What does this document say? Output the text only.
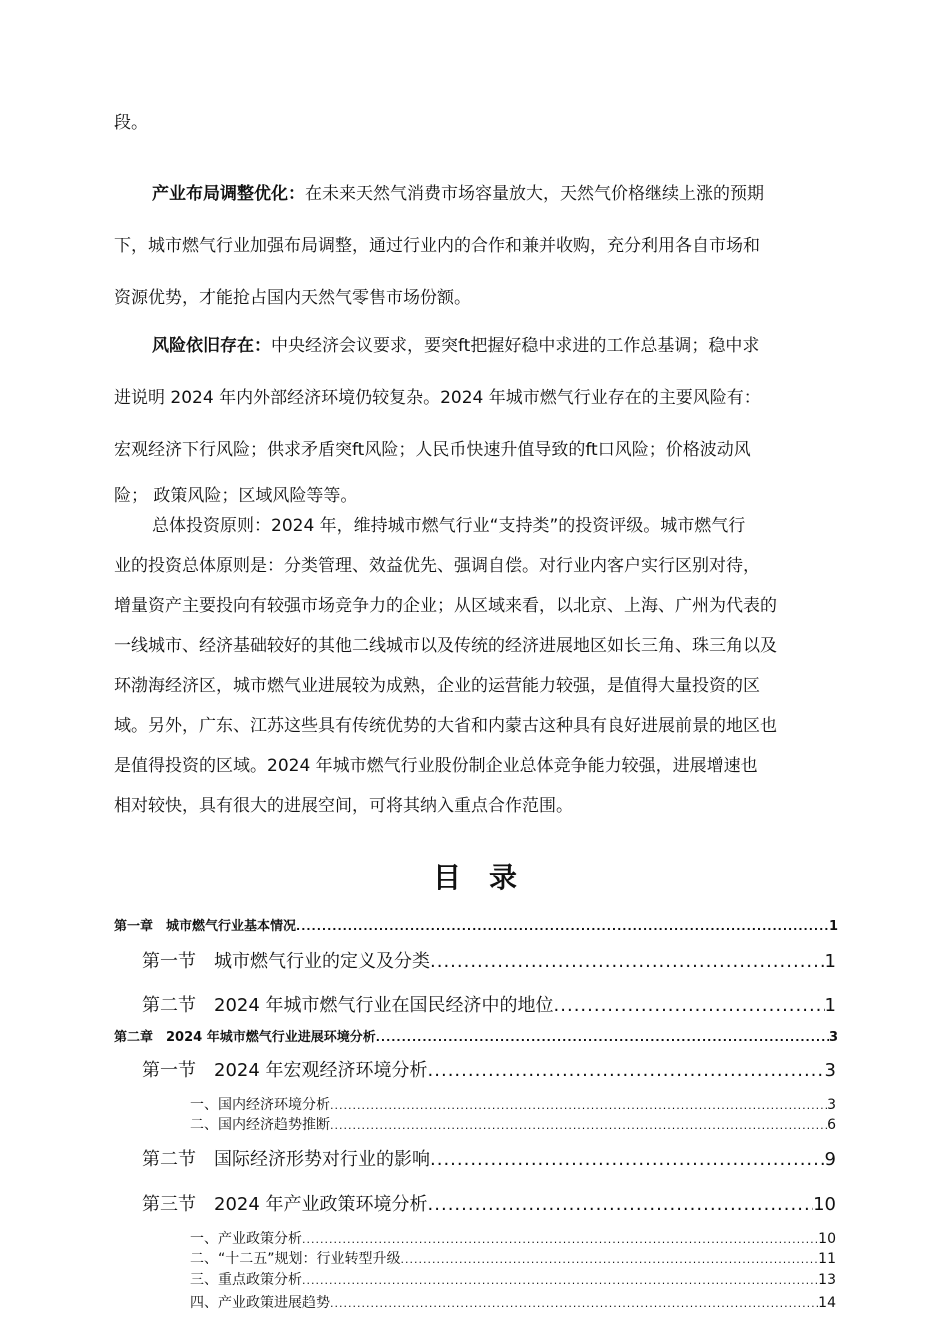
段。
产业布局调整优化：在未来天然气消费市场容量放大，天然气价格继续上涨的预期
下，城市燃气行业加强布局调整，通过行业内的合作和兼并收购，充分利用各自市场和
资源优势，才能抢占国内天然气零售市场份额。
风险依旧存在：中央经济会议要求，要突ft把握好稳中求进的工作总基调；稳中求
进说明 2024 年内外部经济环境仍较复杂。2024 年城市燃气行业存在的主要风险有：
宏观经济下行风险；供求矛盾突ft风险；人民币快速升值导致的ft口风险；价格波动风
险； 政策风险；区域风险等等。
总体投资原则：2024 年，维持城市燃气行业“支持类”的投资评级。城市燃气行
业的投资总体原则是：分类管理、效益优先、强调自偿。对行业内客户实行区别对待，
增量资产主要投向有较强市场竞争力的企业；从区域来看，以北京、上海、广州为代表的
一线城市、经济基础较好的其他二线城市以及传统的经济进展地区如长三角、珠三角以及
环渤海经济区，城市燃气业进展较为成熟，企业的运营能力较强，是值得大量投资的区
域。另外，广东、江苏这些具有传统优势的大省和内蒙古这种具有良好进展前景的地区也
是值得投资的区域。2024 年城市燃气行业股份制企业总体竞争能力较强，进展增速也
相对较快，具有很大的进展空间，可将其纳入重点合作范围。
目录
第一章　城市燃气行业基本情况 .....	1
第一节　城市燃气行业的定义及分类 .....	1
第二节　2024 年城市燃气行业在国民经济中的地位 .....	1
第二章　2024 年城市燃气行业进展环境分析 .....	3
第一节　2024 年宏观经济环境分析 .....	3
一、国内经济环境分析 .....	3
二、国内经济趋势推断 .....	6
第二节　国际经济形势对行业的影响 .....	9
第三节　2024 年产业政策环境分析 .....	10
一、产业政策分析 .....	10
二、“十二五”规划：行业转型升级 .....	11
三、重点政策分析 .....	13
四、产业政策进展趋势 .....	14
